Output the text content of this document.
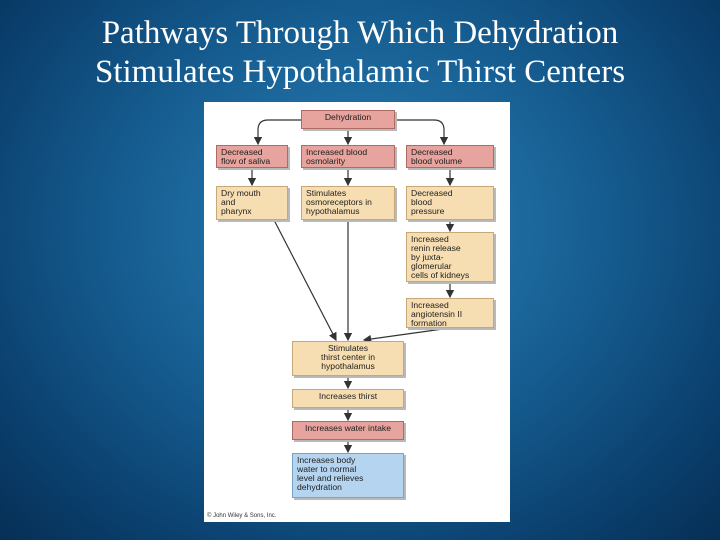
Pathways Through Which Dehydration
Stimulates Hypothalamic Thirst Centers
Dehydration
Decreased
flow of saliva
Increased blood
osmolarity
Decreased
blood volume
Dry mouth
and
pharynx
Stimulates
osmoreceptors in
hypothalamus
Decreased
blood
pressure
Increased
renin release
by juxta-
glomerular
cells of kidneys
Increased
angiotensin II
formation
Stimulates
thirst center in
hypothalamus
Increases thirst
Increases water intake
Increases body
water to normal
level and relieves
dehydration
© John Wiley & Sons, Inc.
